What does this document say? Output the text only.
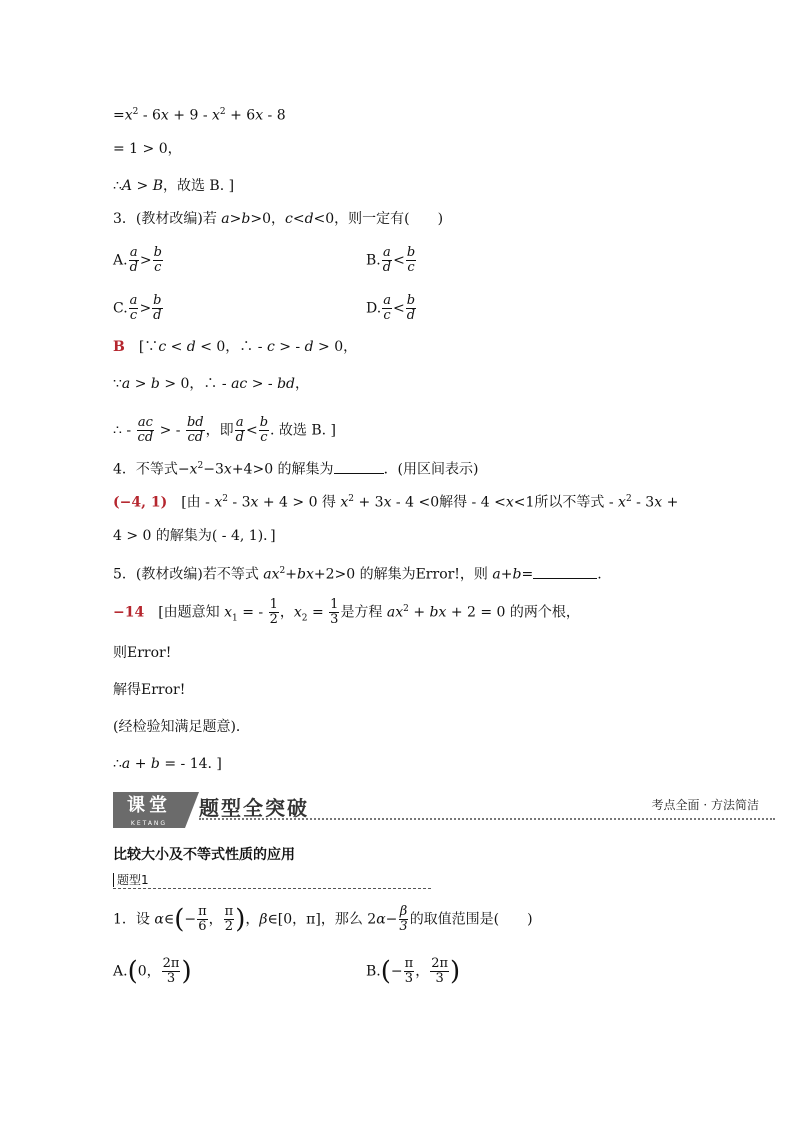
$=x^2 - 6x + 9 - x^2 + 6x - 8$
= 1 > 0，
∴A > B，故选 B. ]
3．(教材改编)若 a>b>0，c<d<0，则一定有(　　)
A. $\frac{a}{d} > \frac{b}{c}$	B. $\frac{a}{d} < \frac{b}{c}$
C. $\frac{a}{c} > \frac{b}{d}$	D. $\frac{a}{c} < \frac{b}{d}$
B　[∵c < d < 0，∴ - c > - d > 0，
∵a > b > 0，∴ - ac > - bd，
∴ - $\frac{ac}{cd}$ > - $\frac{bd}{cd}$ ，即 $\frac{a}{d} < \frac{b}{c}$ . 故选 B. ]
4．不等式$-x^2-3x+4>0$ 的解集为	．(用区间表示)
(−4, 1)　[由 - $x^2 - 3x + 4 > 0$ 得 $x^2 + 3x - 4 <0$解得 - 4 <x<1所以不等式 - $x^2 - 3x$ +
4 > 0 的解集为( - 4, 1)．]
5．(教材改编)若不等式 $ax^2+bx+2>0$ 的解集为Error!，则 a+b=	.
−14　[由题意知 $x_1$ = - $\frac{1}{2}$ ，$x_2 = \frac{1}{3}$ 是方程 $ax^2$ + bx + 2 = 0 的两个根，
则Error!
解得Error!
(经检验知满足题意)．
∴a + b = - 14. ]
课堂
KETANG
题型全突破	考点全面 · 方法简洁
比较大小及不等式性质的应用
题型1
1．设 α∈(− $\frac{\pi}{6}$ ， $\frac{\pi}{2}$ )，β∈[0，π]，那么 $2\alpha- \frac{\beta}{3}$ 的取值范围是(　　)
A.(0， $\frac{2\pi}{3}$ )	$B.(- \frac{\pi}{3}$ ， $\frac{2\pi}{3}$ )
